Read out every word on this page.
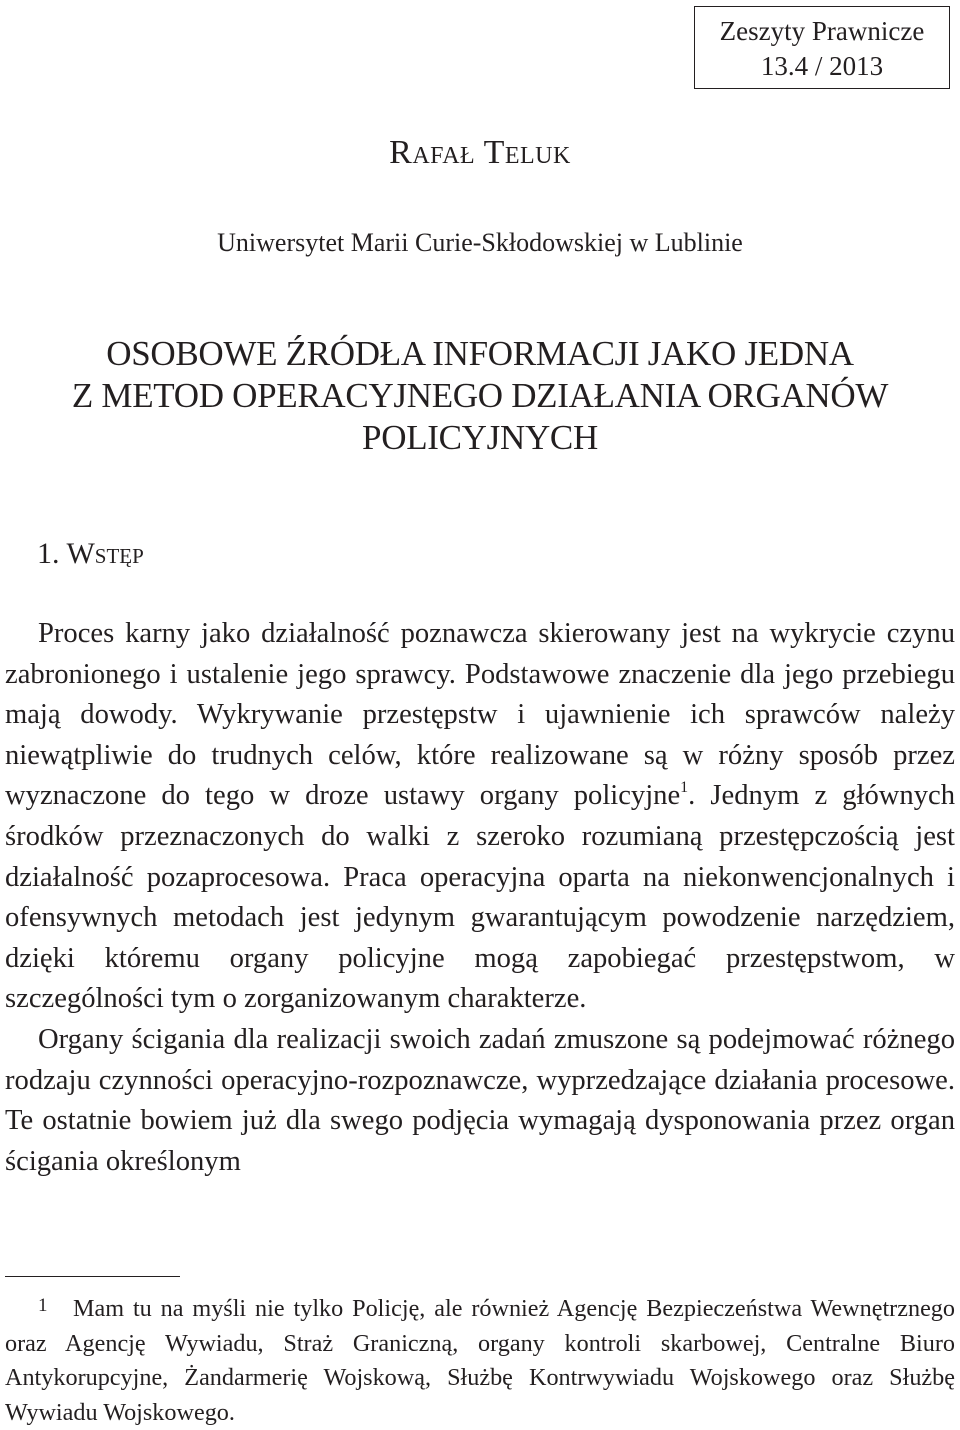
Zeszyty Prawnicze
13.4 / 2013
Rafał Teluk
Uniwersytet Marii Curie-Skłodowskiej w Lublinie
OSOBOWE ŹRÓDŁA INFORMACJI JAKO JEDNA
Z METOD OPERACYJNEGO DZIAŁANIA ORGANÓW
POLICYJNYCH
1. Wstęp

Proces karny jako działalność poznawcza skierowany jest na wykrycie czynu zabronionego i ustalenie jego sprawcy. Podstawowe znaczenie dla jego przebiegu mają dowody. Wykrywanie przestępstw i ujawnienie ich sprawców należy niewątpliwie do trudnych celów, które realizowane są w różny sposób przez wyznaczone do tego w droze ustawy organy policyjne$^1$. Jednym z głównych środków przeznaczonych do walki z szeroko rozumianą przestępczością jest działalność pozaprocesowa. Praca operacyjna oparta na niekonwencjonalnych i ofensywnych metodach jest jedynym gwarantującym powodzenie narzędziem, dzięki któremu organy policyjne mogą zapobiegać przestępstwom, w szczególności tym o zorganizowanym charakterze.

Organy ścigania dla realizacji swoich zadań zmuszone są podejmować różnego rodzaju czynności operacyjno-rozpoznawcze, wyprzedzające działania procesowe. Te ostatnie bowiem już dla swego podjęcia wymagają dysponowania przez organ ścigania określonym

1 Mam tu na myśli nie tylko Policję, ale również Agencję Bezpieczeństwa Wewnętrznego oraz Agencję Wywiadu, Straż Graniczną, organy kontroli skarbowej, Centralne Biuro Antykorupcyjne, Żandarmerię Wojskową, Służbę Kontrwywiadu Wojskowego oraz Służbę Wywiadu Wojskowego.
